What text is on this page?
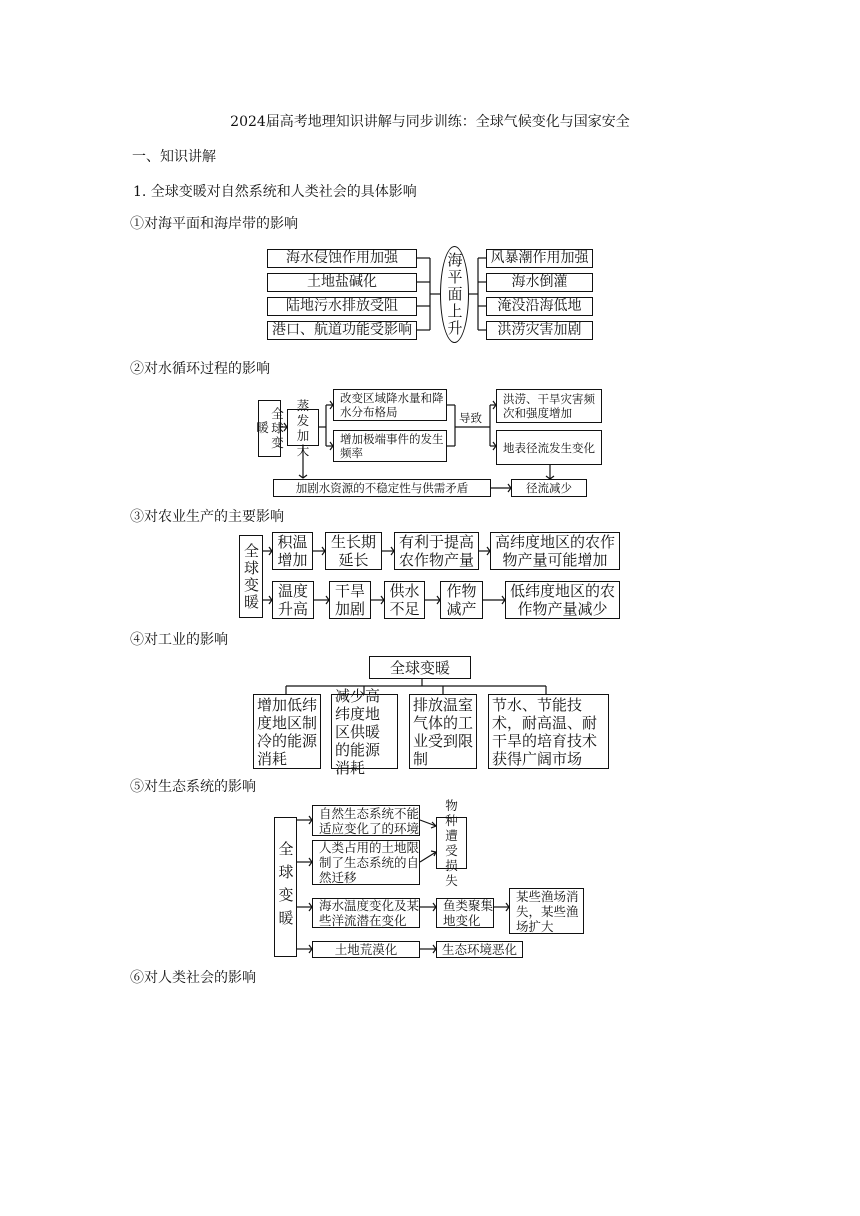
2024届高考地理知识讲解与同步训练：全球气候变化与国家安全
一、知识讲解
1. 全球变暖对自然系统和人类社会的具体影响
①对海平面和海岸带的影响
②对水循环过程的影响
③对农业生产的主要影响
④对工业的影响
⑤对生态系统的影响
⑥对人类社会的影响
海水侵蚀作用加强
土地盐碱化
陆地污水排放受阻
港口、航道功能受影响	海平面上升	风暴潮作用加强
海水倒灌
淹没沿海低地
洪涝灾害加剧
全球变暖
蒸发加大
改变区域降水量和降水分布格局
增加极端事件的发生频率
导致
洪涝、干旱灾害频次和强度增加
地表径流发生变化
加剧水资源的不稳定性与供需矛盾	径流减少
全球变暖
积温增加
生长期延长
有利于提高农作物产量
高纬度地区的农作物产量可能增加
温度升高
干旱加剧
供水不足
作物减产
低纬度地区的农作物产量减少
全球变暖
增加低纬度地区制冷的能源消耗
减少高纬度地区供暖的能源消耗
排放温室气体的工业受到限制
节水、节能技术，耐高温、耐干旱的培育技术获得广阔市场
全球变暖
自然生态系统不能适应变化了的环境
人类占用的土地限制了生态系统的自然迁移
物种遭受损失
海水温度变化及某些洋流潜在变化
鱼类聚集地变化
某些渔场消失，某些渔场扩大
土地荒漠化	生态环境恶化
